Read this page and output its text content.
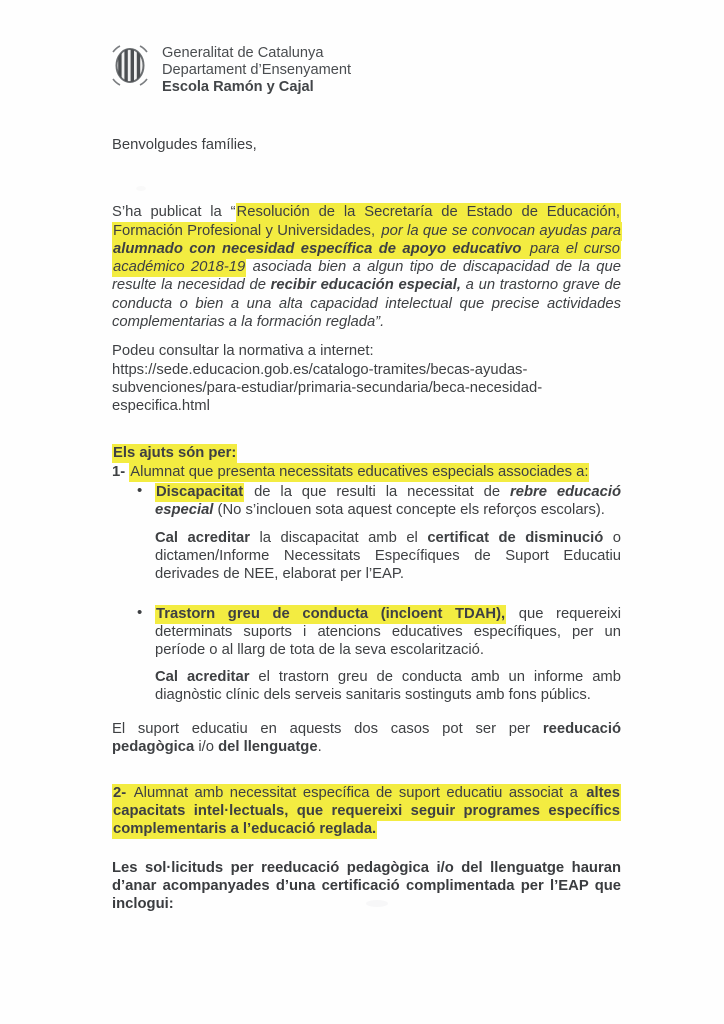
Generalitat de Catalunya
Departament d’Ensenyament
Escola Ramón y Cajal

Benvolgudes famílies,

S’ha publicat la “Resolución de la Secretaría de Estado de Educación, Formación Profesional y Universidades, por la que se convocan ayudas para alumnado con necesidad específica de apoyo educativo para el curso académico 2018-19 asociada bien a algun tipo de discapacidad de la que resulte la necesidad de recibir educación especial, a un trastorno grave de conducta o bien a una alta capacidad intelectual que precise actividades complementarias a la formación reglada”.

Podeu consultar la normativa a internet:

https://sede.educacion.gob.es/catalogo-tramites/becas-ayudas-

subvenciones/para-estudiar/primaria-secundaria/beca-necesidad-

especifica.html

Els ajuts són per:

1- Alumnat que presenta necessitats educatives especials associades a:

• Discapacitat de la que resulti la necessitat de rebre educació especial (No s’inclouen sota aquest concepte els reforços escolars).

Cal acreditar la discapacitat amb el certificat de disminució o dictamen/Informe Necessitats Específiques de Suport Educatiu derivades de NEE, elaborat per l’EAP.

• Trastorn greu de conducta (incloent TDAH), que requereixi determinats suports i atencions educatives específiques, per un període o al llarg de tota de la seva escolarització.

Cal acreditar el trastorn greu de conducta amb un informe amb diagnòstic clínic dels serveis sanitaris sostinguts amb fons públics.

El suport educatiu en aquests dos casos pot ser per reeducació pedagògica i/o del llenguatge.

2- Alumnat amb necessitat específica de suport educatiu associat a altes capacitats intel·lectuals, que requereixi seguir programes específics complementaris a l’educació reglada.

Les sol·licituds per reeducació pedagògica i/o del llenguatge hauran d’anar acompanyades d’una certificació complimentada per l’EAP que inclogui:
